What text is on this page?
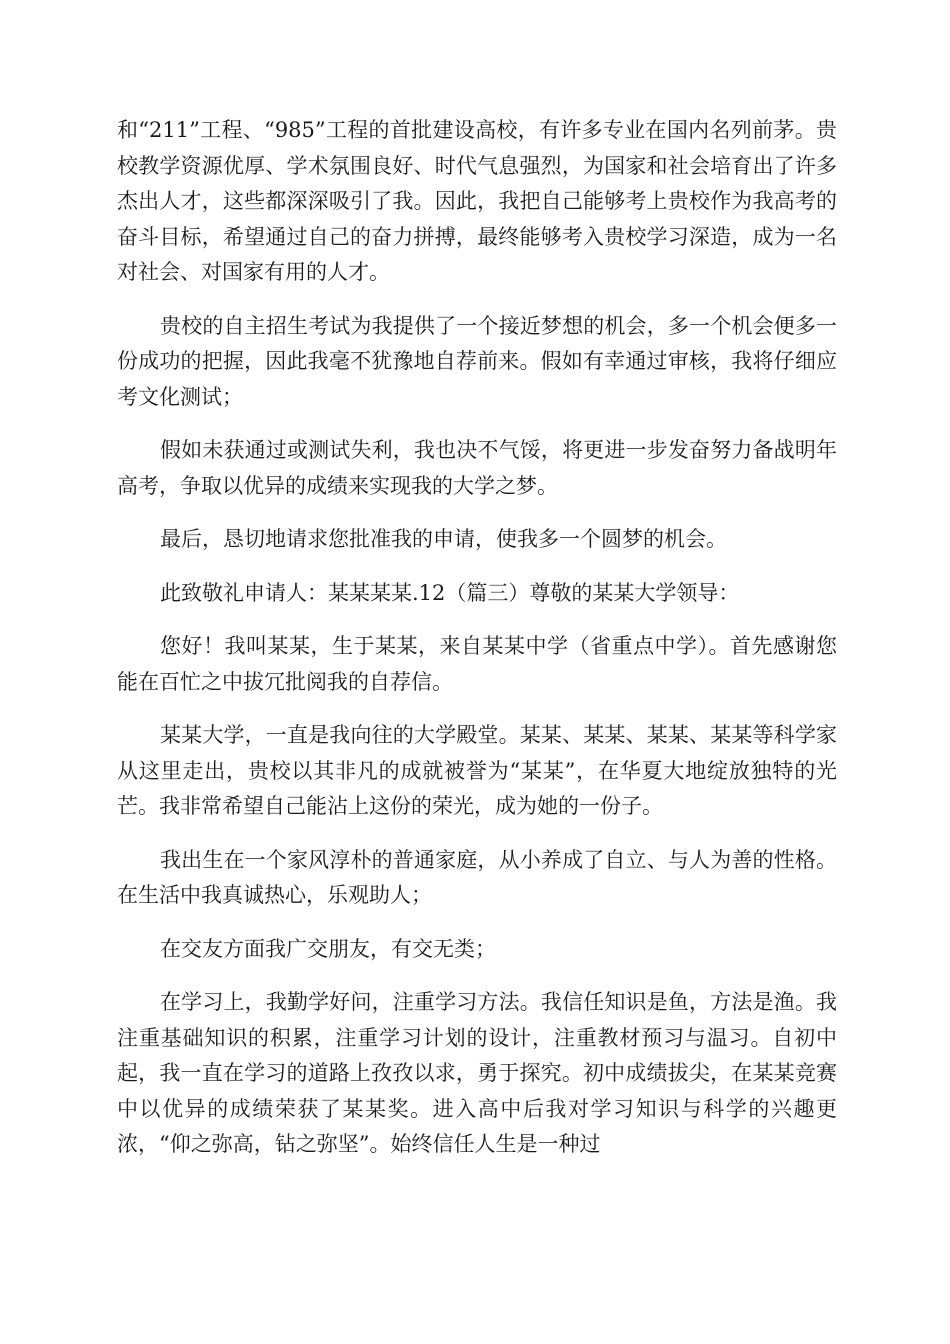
和“211”工程、“985”工程的首批建设高校，有许多专业在国内名列前茅。贵校教学资源优厚、学术氛围良好、时代气息强烈，为国家和社会培育出了许多杰出人才，这些都深深吸引了我。因此，我把自己能够考上贵校作为我高考的奋斗目标，希望通过自己的奋力拼搏，最终能够考入贵校学习深造，成为一名对社会、对国家有用的人才。

贵校的自主招生考试为我提供了一个接近梦想的机会，多一个机会便多一份成功的把握，因此我毫不犹豫地自荐前来。假如有幸通过审核，我将仔细应考文化测试；

假如未获通过或测试失利，我也决不气馁，将更进一步发奋努力备战明年高考，争取以优异的成绩来实现我的大学之梦。

最后，恳切地请求您批准我的申请，使我多一个圆梦的机会。

此致敬礼申请人：某某某某.12（篇三）尊敬的某某大学领导：

您好！我叫某某，生于某某，来自某某中学（省重点中学）。首先感谢您能在百忙之中拔冗批阅我的自荐信。

某某大学，一直是我向往的大学殿堂。某某、某某、某某、某某等科学家从这里走出，贵校以其非凡的成就被誉为“某某”，在华夏大地绽放独特的光芒。我非常希望自己能沾上这份的荣光，成为她的一份子。

我出生在一个家风淳朴的普通家庭，从小养成了自立、与人为善的性格。在生活中我真诚热心，乐观助人；

在交友方面我广交朋友，有交无类；

在学习上，我勤学好问，注重学习方法。我信任知识是鱼，方法是渔。我注重基础知识的积累，注重学习计划的设计，注重教材预习与温习。自初中起，我一直在学习的道路上孜孜以求，勇于探究。初中成绩拔尖，在某某竞赛中以优异的成绩荣获了某某奖。进入高中后我对学习知识与科学的兴趣更浓，“仰之弥高，钻之弥坚”。始终信任人生是一种过
